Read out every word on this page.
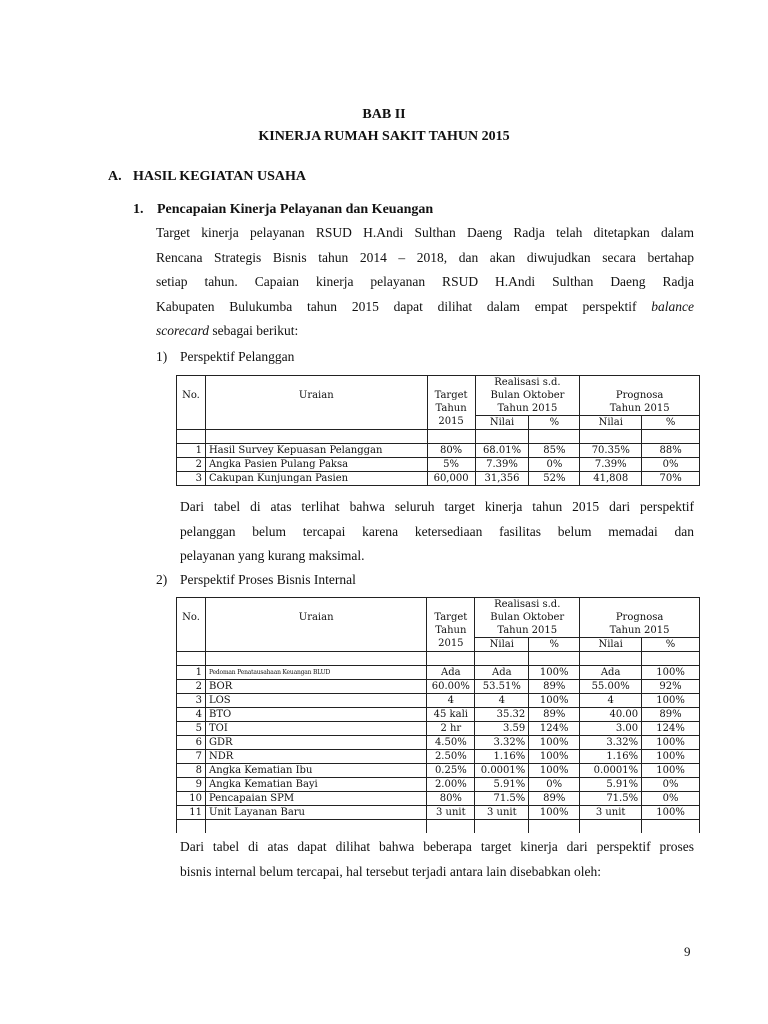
BAB II
KINERJA RUMAH SAKIT TAHUN 2015
A. HASIL KEGIATAN USAHA
1. Pencapaian Kinerja Pelayanan dan Keuangan
Target kinerja pelayanan RSUD H.Andi Sulthan Daeng Radja telah ditetapkan dalam
Rencana Strategis Bisnis tahun 2014 – 2018, dan akan diwujudkan secara bertahap
setiap tahun. Capaian kinerja pelayanan RSUD H.Andi Sulthan Daeng Radja
Kabupaten Bulukumba tahun 2015 dapat dilihat dalam empat perspektif balance
scorecard sebagai berikut:
1) Perspektif Pelanggan
			Realisasi s.d.			
No.	Uraian	Target	Bulan Oktober		Prognosa	
		Tahun	Tahun 2015		Tahun 2015	
		2015	Nilai	%	Nilai	%

1	Hasil Survey Kepuasan Pelanggan	80%	68.01%	85%	70.35%	88%
2	Angka Pasien Pulang Paksa	5%	7.39%	0%	7.39%	0%
3	Cakupan Kunjungan Pasien	60,000	31,356	52%	41,808	70%
Dari tabel di atas terlihat bahwa seluruh target kinerja tahun 2015 dari perspektif
pelanggan belum tercapai karena ketersediaan fasilitas belum memadai dan
pelayanan yang kurang maksimal.
2) Perspektif Proses Bisnis Internal
			Realisasi s.d.			
No.	Uraian	Target	Bulan Oktober		Prognosa	
		Tahun	Tahun 2015		Tahun 2015	
		2015	Nilai	%	Nilai	%

1	Pedoman Penatausahaan Keuangan BLUD	Ada	Ada	100%	Ada	100%
2	BOR	60.00%	53.51%	89%	55.00%	92%
3	LOS	4	4	100%	4	100%
4	BTO	45 kali	35.32	89%	40.00	89%
5	TOI	2 hr	3.59	124%	3.00	124%
6	GDR	4.50%	3.32%	100%	3.32%	100%
7	NDR	2.50%	1.16%	100%	1.16%	100%
8	Angka Kematian Ibu	0.25%	0.0001%	100%	0.0001%	100%
9	Angka Kematian Bayi	2.00%	5.91%	0%	5.91%	0%
10	Pencapaian SPM	80%	71.5%	89%	71.5%	0%
11	Unit Layanan Baru	3 unit	3 unit	100%	3 unit	100%

Dari tabel di atas dapat dilihat bahwa beberapa target kinerja dari perspektif proses
bisnis internal belum tercapai, hal tersebut terjadi antara lain disebabkan oleh:
9
